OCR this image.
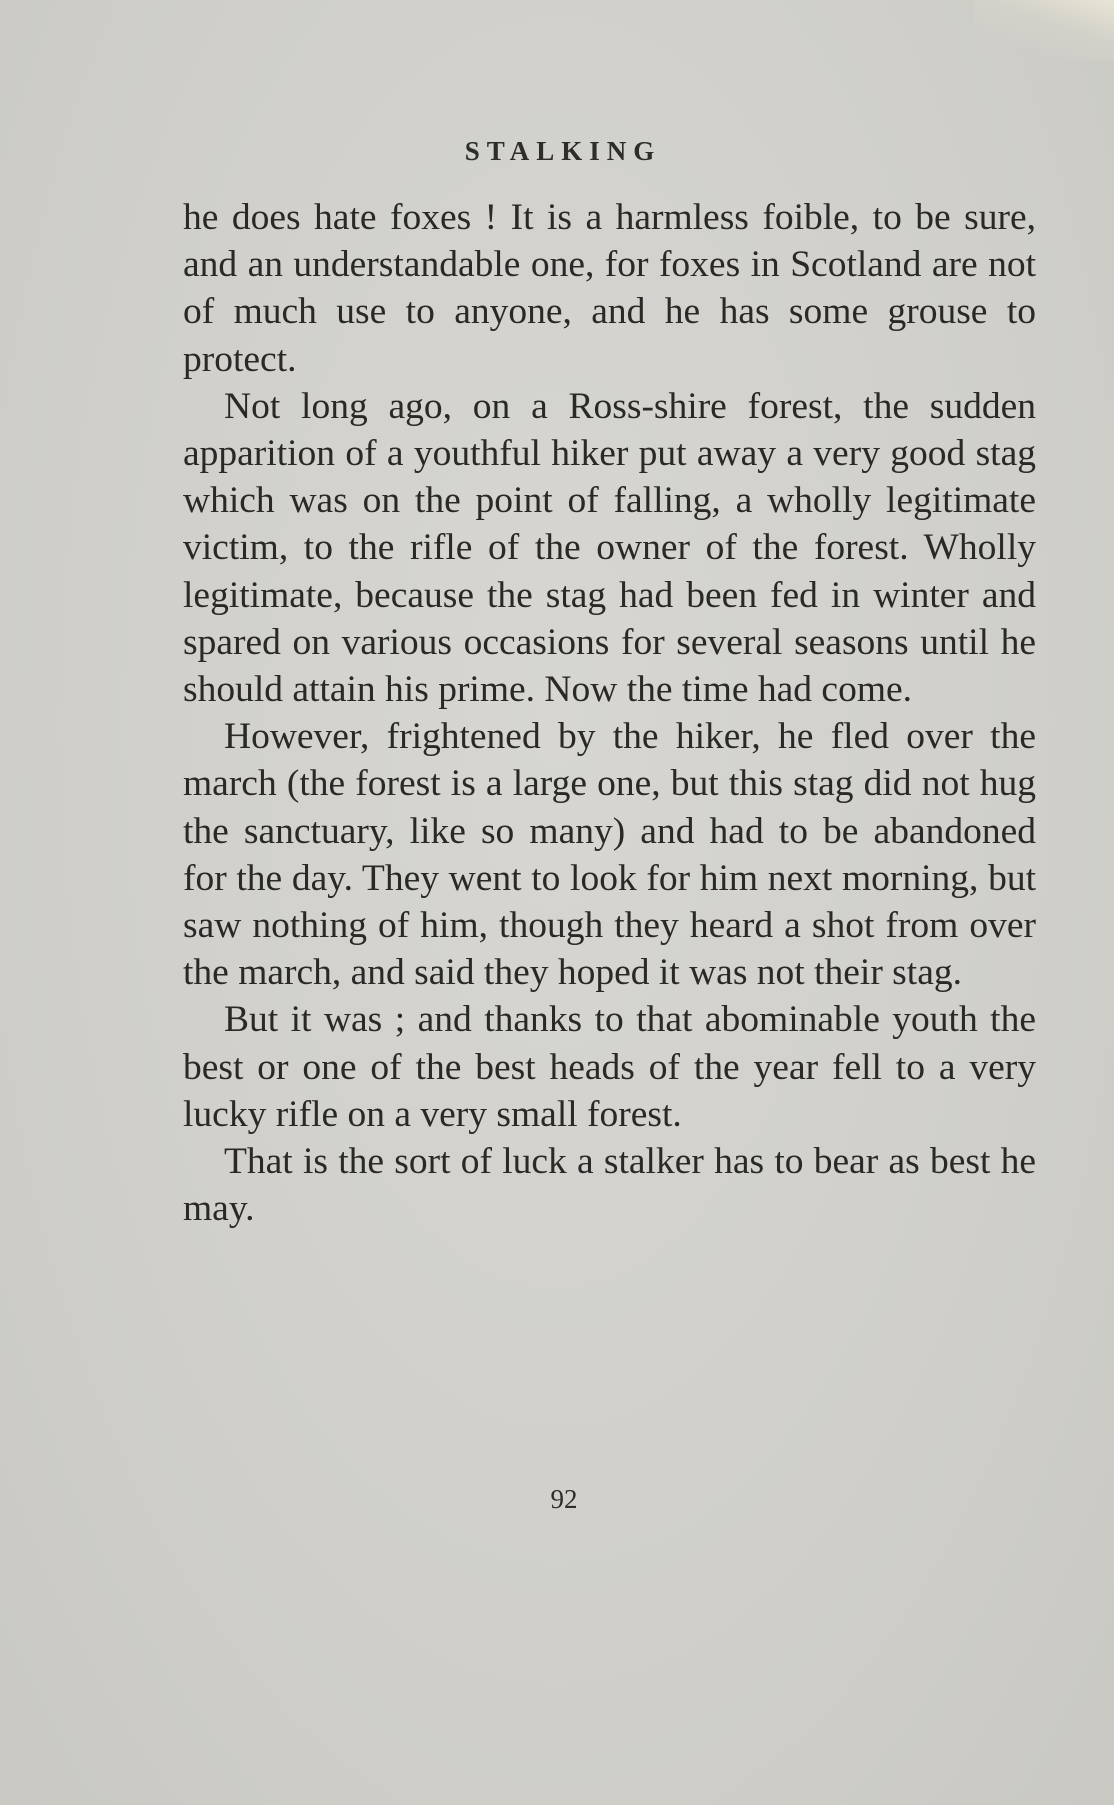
STALKING

he does hate foxes ! It is a harmless foible, to be sure, and an understandable one, for foxes in Scotland are not of much use to anyone, and he has some grouse to protect.

Not long ago, on a Ross-shire forest, the sudden apparition of a youthful hiker put away a very good stag which was on the point of falling, a wholly legitimate victim, to the rifle of the owner of the forest. Wholly legitimate, because the stag had been fed in winter and spared on various occasions for several seasons until he should attain his prime. Now the time had come.

However, frightened by the hiker, he fled over the march (the forest is a large one, but this stag did not hug the sanctuary, like so many) and had to be abandoned for the day. They went to look for him next morning, but saw nothing of him, though they heard a shot from over the march, and said they hoped it was not their stag.

But it was ; and thanks to that abominable youth the best or one of the best heads of the year fell to a very lucky rifle on a very small forest.

That is the sort of luck a stalker has to bear as best he may.

92
